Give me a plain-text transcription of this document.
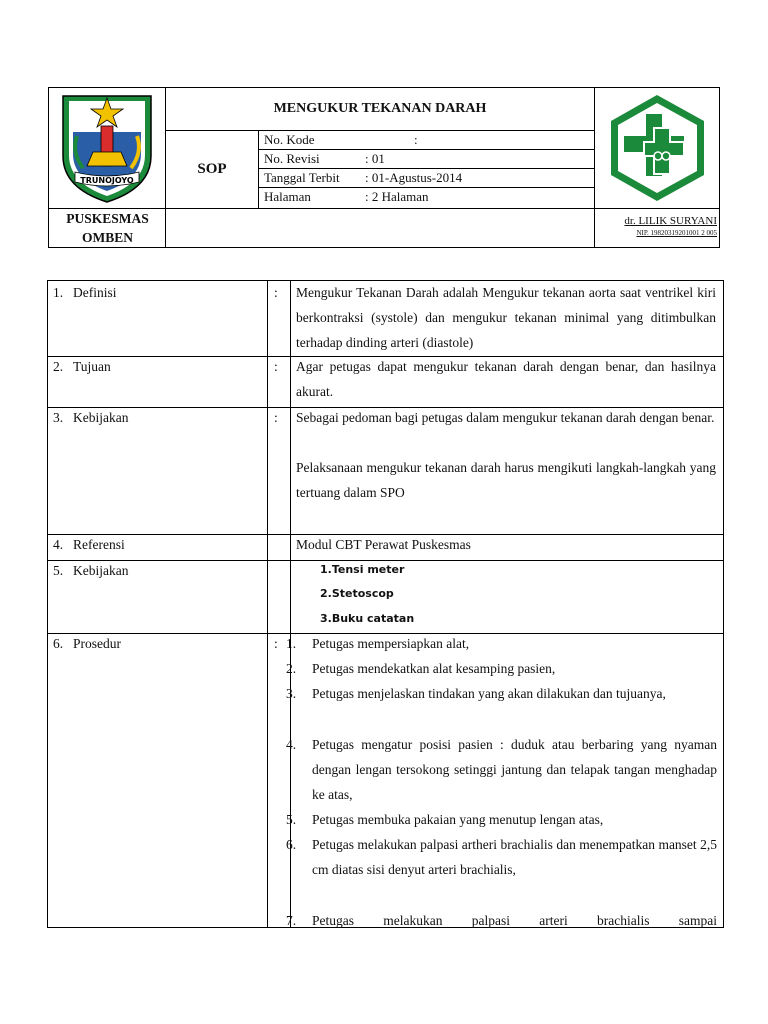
TRUNOJOYO
PUSKESMAS
OMBEN
MENGUKUR TEKANAN DARAH
SOP
No. Kode	:
No. Revisi	: 01
Tanggal Terbit	: 01-Agustus-2014
Halaman	: 2 Halaman
dr. LILIK SURYANI
NIP. 19820319201001 2 005
1. Definisi	:	Mengukur Tekanan Darah adalah Mengukur tekanan aorta saat ventrikel kiri berkontraksi (systole) dan mengukur tekanan minimal yang ditimbulkan terhadap dinding arteri (diastole)
2. Tujuan	:	Agar petugas dapat mengukur tekanan darah dengan benar, dan hasilnya akurat.
3. Kebijakan	:	Sebagai pedoman bagi petugas dalam mengukur tekanan darah dengan benar.
Pelaksanaan mengukur tekanan darah harus mengikuti langkah-langkah yang tertuang dalam SPO
4. Referensi	Modul CBT Perawat Puskesmas
5. Kebijakan	1.Tensi meter
2.Stetoscop
3.Buku catatan
6. Prosedur	: 1. Petugas mempersiapkan alat,
2. Petugas mendekatkan alat kesamping pasien,
3. Petugas menjelaskan tindakan yang akan dilakukan dan tujuanya,
4. Petugas mengatur posisi pasien : duduk atau berbaring yang nyaman dengan lengan tersokong setinggi jantung dan telapak tangan menghadap ke atas,
5. Petugas membuka pakaian yang menutup lengan atas,
6. Petugas melakukan palpasi artheri brachialis dan menempatkan manset 2,5 cm diatas sisi denyut arteri brachialis,
7. Petugas melakukan palpasi arteri brachialis sampai
